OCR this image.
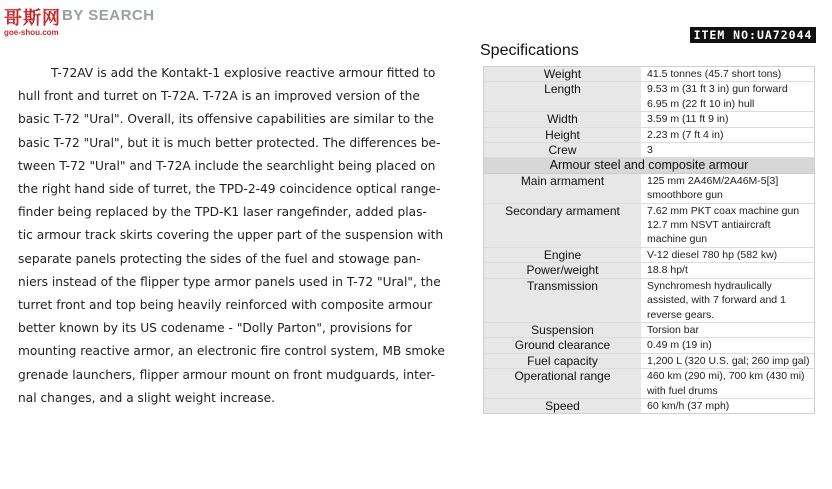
哥斯网 BY SEARCH
goe-shou.com

T-72AV is add the Kontakt-1 explosive reactive armour fitted to
hull front and turret on T-72A. T-72A is an improved version of the
basic T-72 "Ural". Overall, its offensive capabilities are similar to the
basic T-72 "Ural", but it is much better protected. The differences be-
tween T-72 "Ural" and T-72A include the searchlight being placed on
the right hand side of turret, the TPD-2-49 coincidence optical range-
finder being replaced by the TPD-K1 laser rangefinder, added plas-
tic armour track skirts covering the upper part of the suspension with
separate panels protecting the sides of the fuel and stowage pan-
niers instead of the flipper type armor panels used in T-72 "Ural", the
turret front and top being heavily reinforced with composite armour
better known by its US codename - "Dolly Parton", provisions for
mounting reactive armor, an electronic fire control system, MB smoke
grenade launchers, flipper armour mount on front mudguards, inter-
nal changes, and a slight weight increase.

ITEM NO:UA72044
Specifications
Weight	41.5 tonnes (45.7 short tons)
Length	9.53 m (31 ft 3 in) gun forward
6.95 m (22 ft 10 in) hull
Width	3.59 m (11 ft 9 in)
Height	2.23 m (7 ft 4 in)
Crew	3
Armour steel and composite armour
Main armament	125 mm 2A46M/2A46M-5[3]
smoothbore gun
Secondary armament	7.62 mm PKT coax machine gun
12.7 mm NSVT antiaircraft
machine gun
Engine	V-12 diesel 780 hp (582 kw)
Power/weight	18.8 hp/t
Transmission	Synchromesh hydraulically
assisted, with 7 forward and 1
reverse gears.
Suspension	Torsion bar
Ground clearance	0.49 m (19 in)
Fuel capacity	1,200 L (320 U.S. gal; 260 imp gal)
Operational range	460 km (290 mi), 700 km (430 mi)
with fuel drums
Speed	60 km/h (37 mph)
